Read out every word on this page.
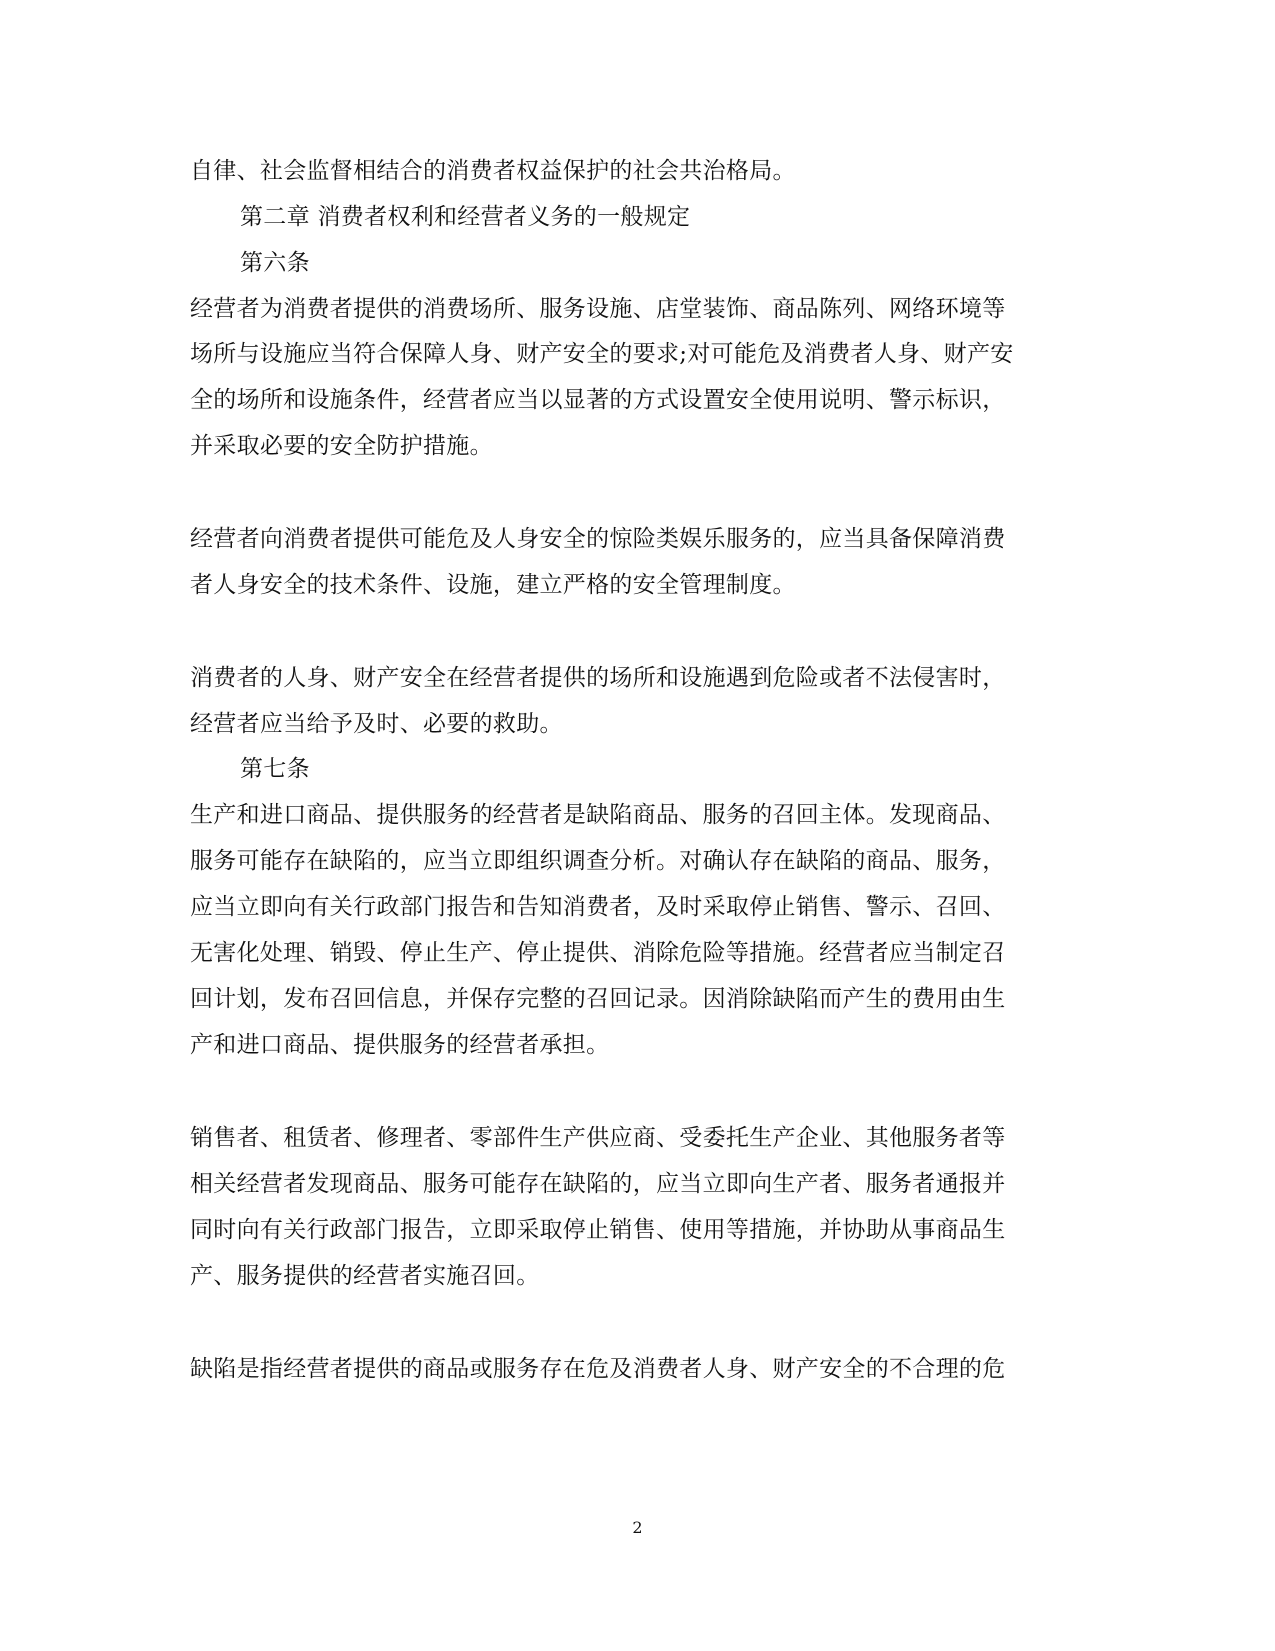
自律、社会监督相结合的消费者权益保护的社会共治格局。
第二章 消费者权利和经营者义务的一般规定
第六条
经营者为消费者提供的消费场所、服务设施、店堂装饰、商品陈列、网络环境等
场所与设施应当符合保障人身、财产安全的要求;对可能危及消费者人身、财产安
全的场所和设施条件，经营者应当以显著的方式设置安全使用说明、警示标识，
并采取必要的安全防护措施。
经营者向消费者提供可能危及人身安全的惊险类娱乐服务的，应当具备保障消费
者人身安全的技术条件、设施，建立严格的安全管理制度。
消费者的人身、财产安全在经营者提供的场所和设施遇到危险或者不法侵害时，
经营者应当给予及时、必要的救助。
第七条
生产和进口商品、提供服务的经营者是缺陷商品、服务的召回主体。发现商品、
服务可能存在缺陷的，应当立即组织调查分析。对确认存在缺陷的商品、服务，
应当立即向有关行政部门报告和告知消费者，及时采取停止销售、警示、召回、
无害化处理、销毁、停止生产、停止提供、消除危险等措施。经营者应当制定召
回计划，发布召回信息，并保存完整的召回记录。因消除缺陷而产生的费用由生
产和进口商品、提供服务的经营者承担。
销售者、租赁者、修理者、零部件生产供应商、受委托生产企业、其他服务者等
相关经营者发现商品、服务可能存在缺陷的，应当立即向生产者、服务者通报并
同时向有关行政部门报告，立即采取停止销售、使用等措施，并协助从事商品生
产、服务提供的经营者实施召回。
缺陷是指经营者提供的商品或服务存在危及消费者人身、财产安全的不合理的危
2
